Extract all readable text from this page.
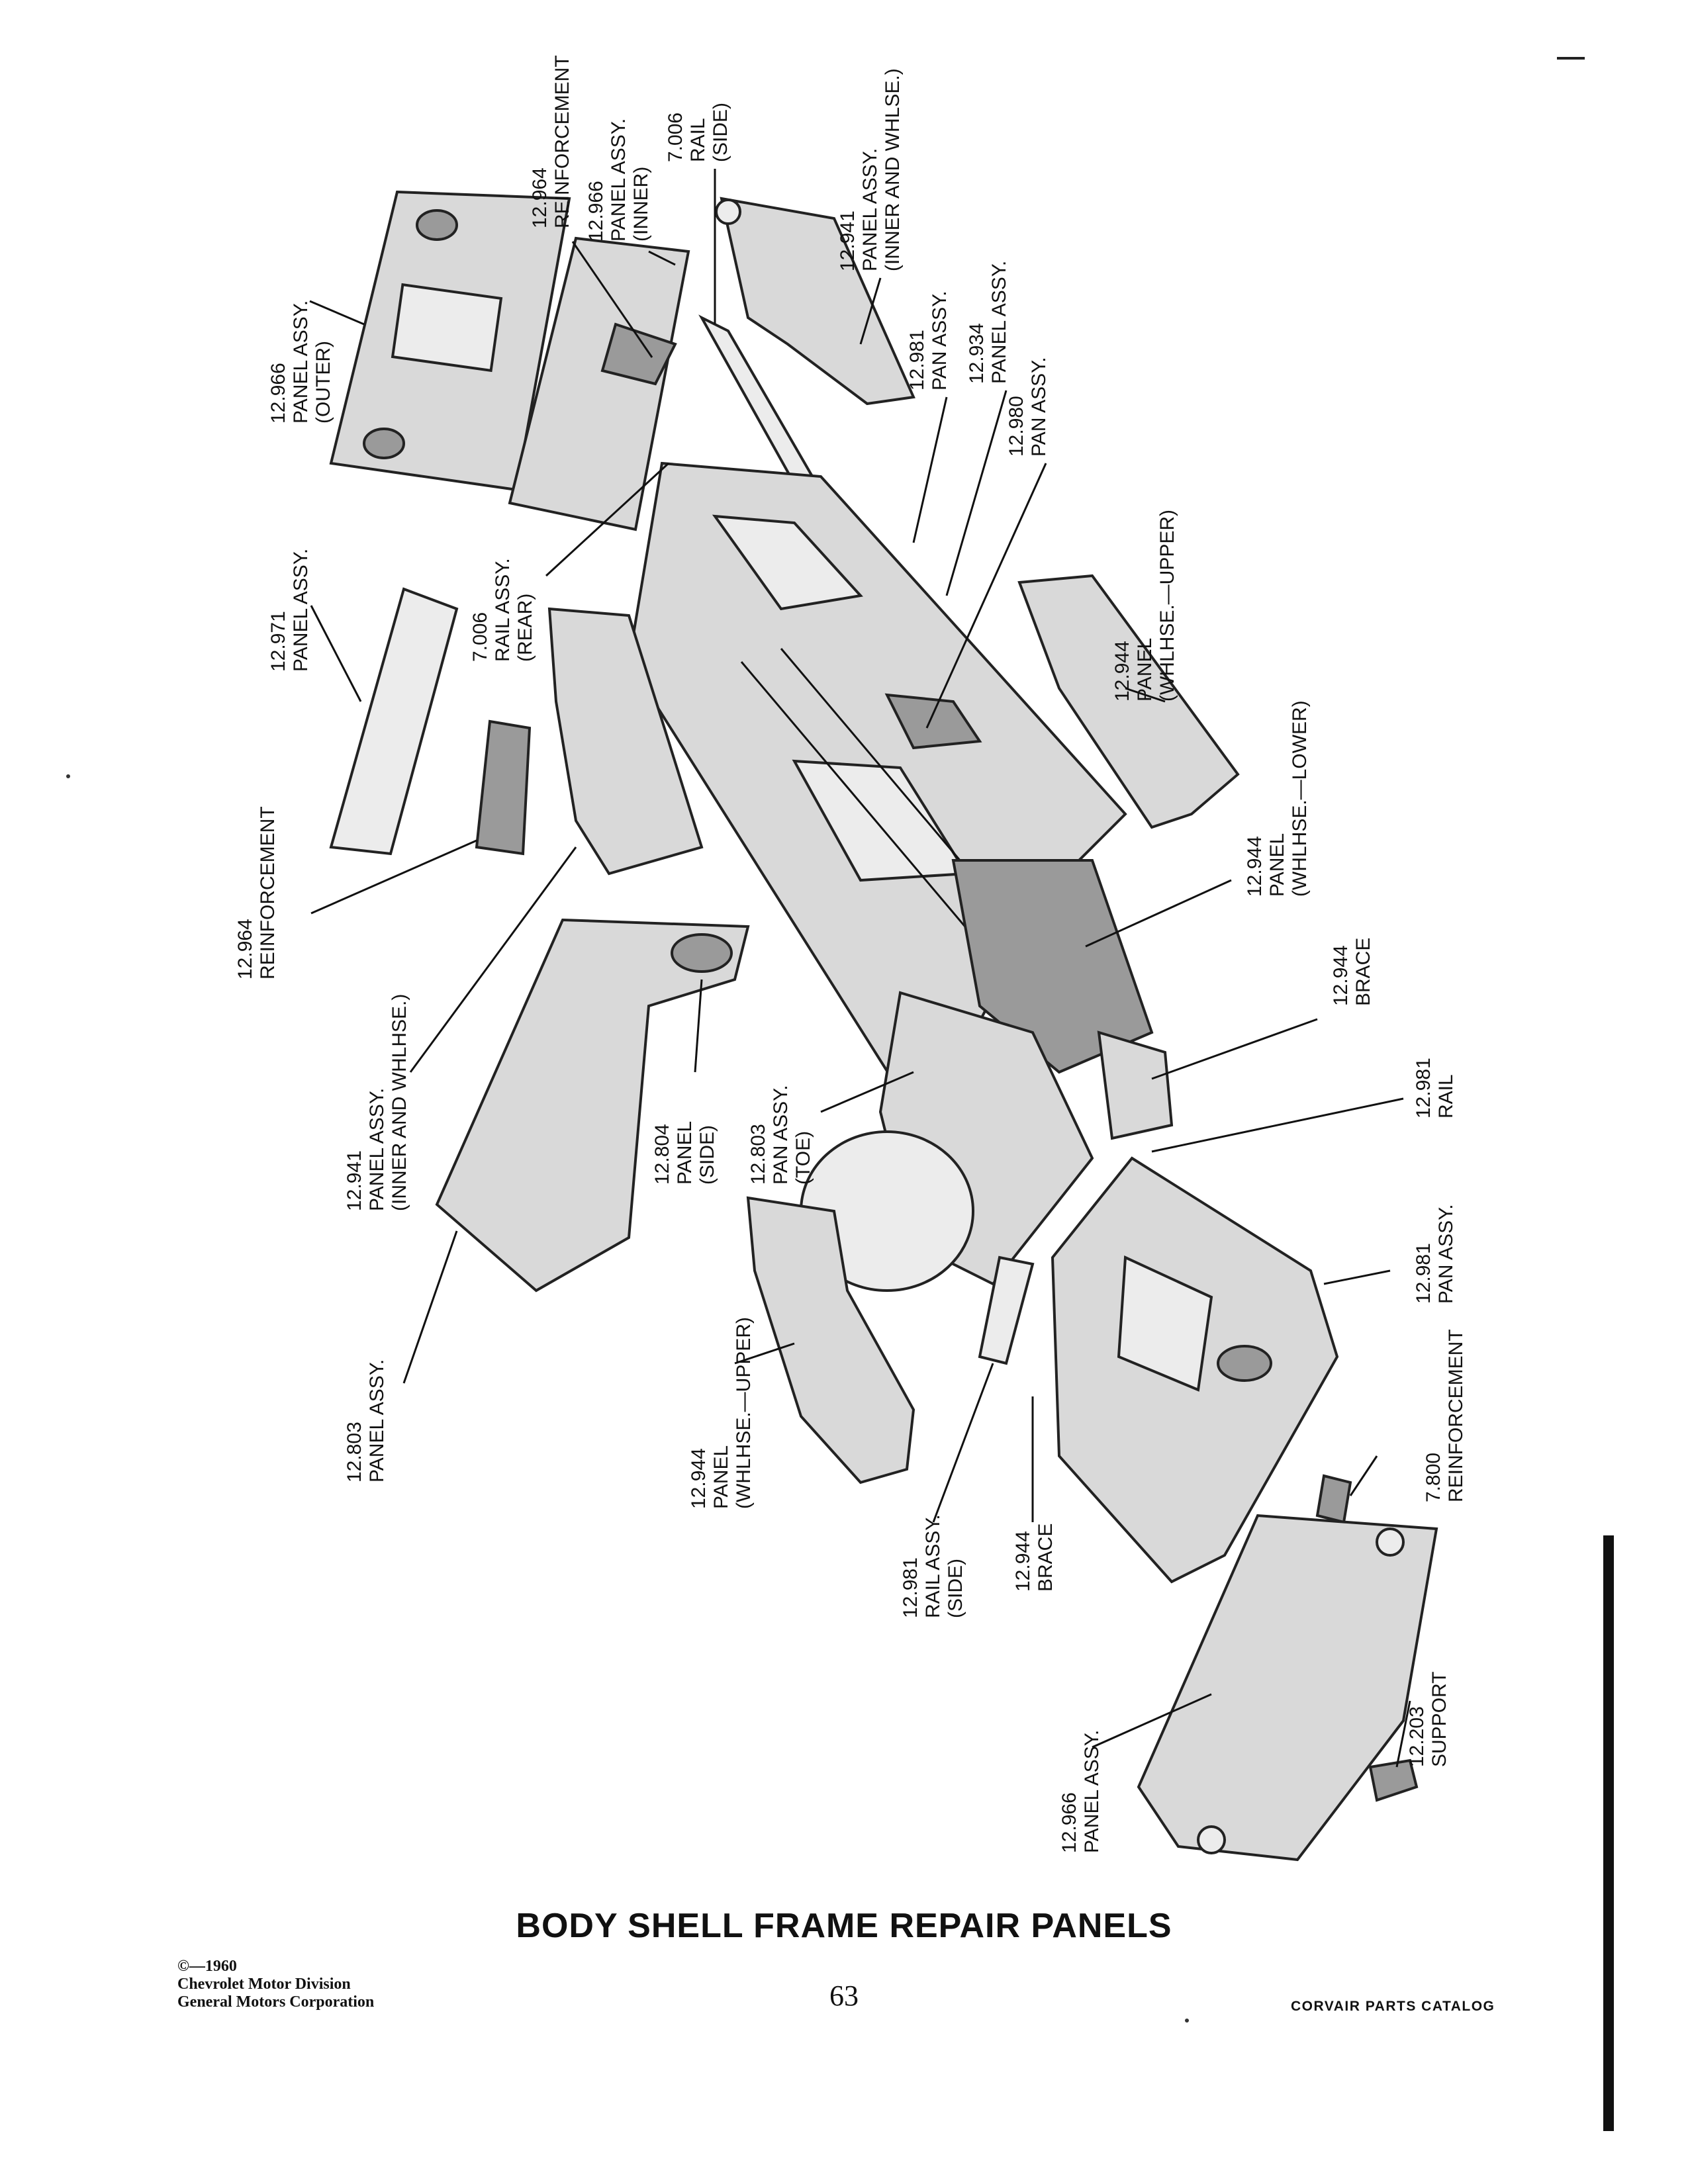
12.966PANEL ASSY.(OUTER)
12.964REINFORCEMENT 12.966PANEL ASSY.(INNER)
7.006RAIL(SIDE)
12.941PANEL ASSY.(INNER AND WHLSE.)
12.981PAN ASSY. 12.934PANEL ASSY.
12.980PAN ASSY.
12.971PANEL ASSY.	7.006RAIL ASSY.(REAR)
12.944PANEL(WHLHSE.—UPPER)
12.964REINFORCEMENT	12.944PANEL(WHLHSE.—LOWER)
12.941PANEL ASSY.(INNER AND WHLHSE.)
12.944BRACE
12.804PANEL(SIDE) 12.803PAN ASSY.(TOE)
12.981RAIL
12.981PAN ASSY.
12.803PANEL ASSY.	12.944PANEL(WHLHSE.—UPPER)	7.800REINFORCEMENT
12.981RAIL ASSY.(SIDE) 12.944BRACE
12.203SUPPORT
12.966PANEL ASSY.
BODY SHELL FRAME REPAIR PANELS
63
©—1960
Chevrolet Motor Division
General Motors Corporation	CORVAIR PARTS CATALOG
